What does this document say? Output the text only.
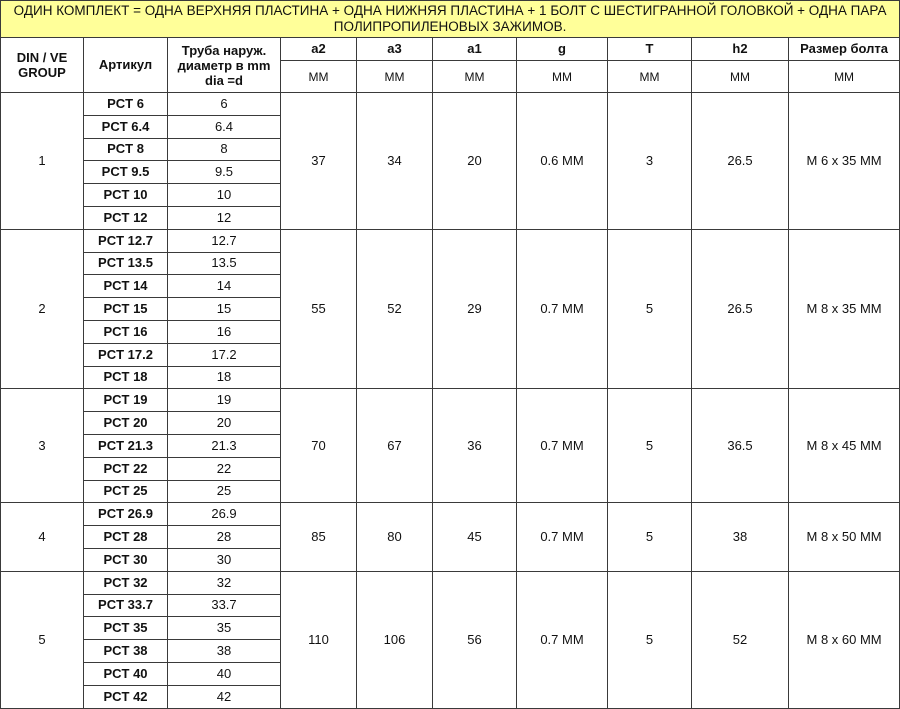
ОДИН КОМПЛЕКТ = ОДНА ВЕРХНЯЯ ПЛАСТИНА + ОДНА НИЖНЯЯ ПЛАСТИНА + 1 БОЛТ С ШЕСТИГРАННОЙ ГОЛОВКОЙ + ОДНА ПАРА ПОЛИПРОПИЛЕНОВЫХ ЗАЖИМОВ.									
DIN / VE GROUP	Артикул	Труба наруж. диаметр в mm dia =d	a2	a3	a1	g	T	h2	Размер болта
			MM	MM	MM	MM	MM	MM	MM
1	PCT 6	6	37	34	20	0.6 MM	3	26.5	M 6 x 35 MM
	PCT 6.4	6.4							
	PCT 8	8							
	PCT 9.5	9.5							
	PCT 10	10							
	PCT 12	12							
2	PCT 12.7	12.7	55	52	29	0.7 MM	5	26.5	M 8 x 35 MM
	PCT 13.5	13.5							
	PCT 14	14							
	PCT 15	15							
	PCT 16	16							
	PCT 17.2	17.2							
	PCT 18	18							
3	PCT 19	19	70	67	36	0.7 MM	5	36.5	M 8 x 45 MM
	PCT 20	20							
	PCT 21.3	21.3							
	PCT 22	22							
	PCT 25	25							
4	PCT 26.9	26.9	85	80	45	0.7 MM	5	38	M 8 x 50 MM
	PCT 28	28							
	PCT 30	30							
5	PCT 32	32	110	106	56	0.7 MM	5	52	M 8 x 60 MM
	PCT 33.7	33.7							
	PCT 35	35							
	PCT 38	38							
	PCT 40	40							
	PCT 42	42							
